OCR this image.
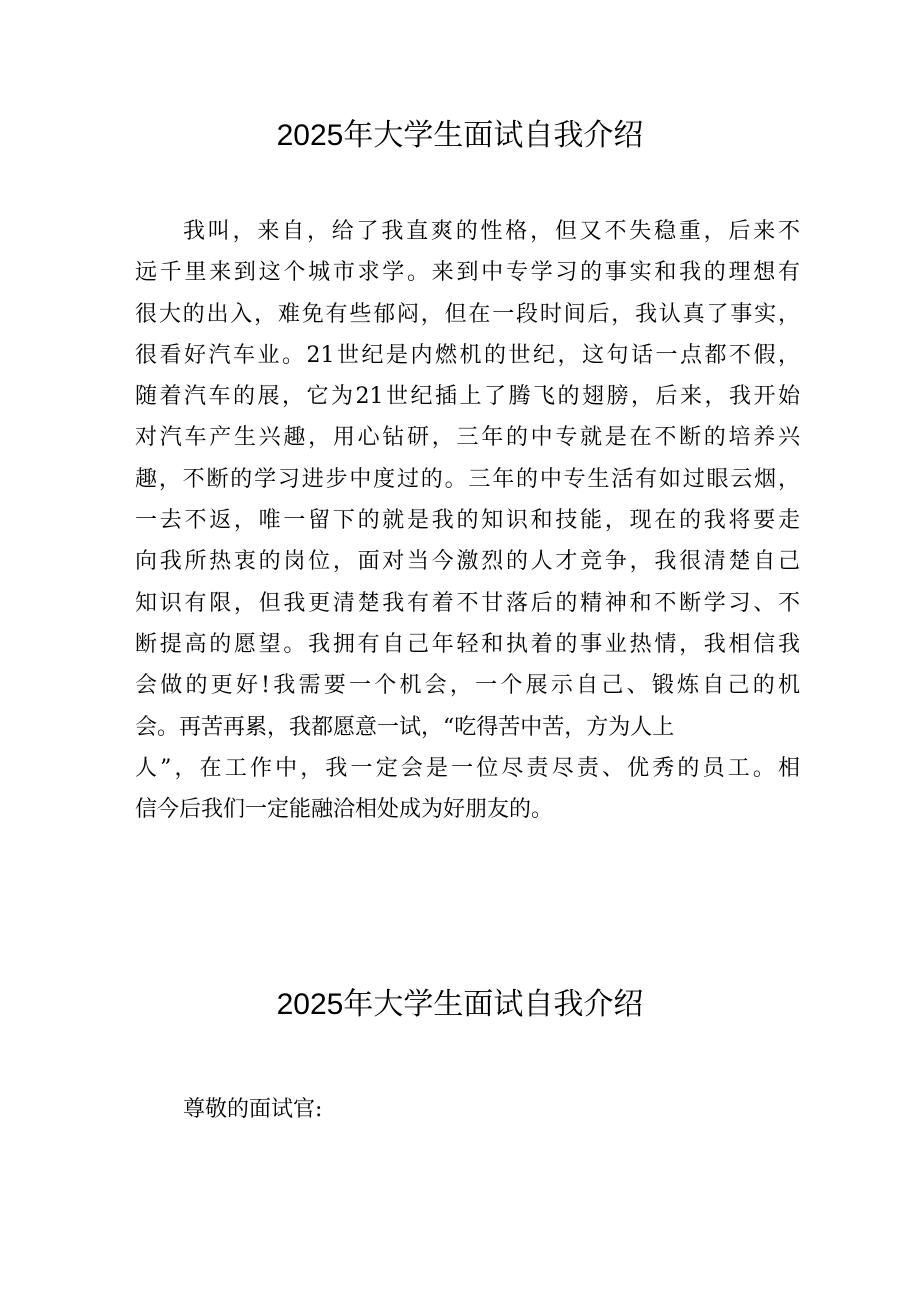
2025年大学生面试自我介绍
我叫，来自，给了我直爽的性格，但又不失稳重，后来不
远千里来到这个城市求学。来到中专学习的事实和我的理想有
很大的出入，难免有些郁闷，但在一段时间后，我认真了事实，
很看好汽车业。21世纪是内燃机的世纪，这句话一点都不假，
随着汽车的展，它为21世纪插上了腾飞的翅膀，后来，我开始
对汽车产生兴趣，用心钻研，三年的中专就是在不断的培养兴
趣，不断的学习进步中度过的。三年的中专生活有如过眼云烟，
一去不返，唯一留下的就是我的知识和技能，现在的我将要走
向我所热衷的岗位，面对当今激烈的人才竞争，我很清楚自己
知识有限，但我更清楚我有着不甘落后的精神和不断学习、不
断提高的愿望。我拥有自己年轻和执着的事业热情，我相信我
会做的更好!我需要一个机会，一个展示自己、锻炼自己的机
会。再苦再累，我都愿意一试，“吃得苦中苦，方为人上
人”，在工作中，我一定会是一位尽责尽责、优秀的员工。相
信今后我们一定能融洽相处成为好朋友的。
2025年大学生面试自我介绍

尊敬的面试官:
